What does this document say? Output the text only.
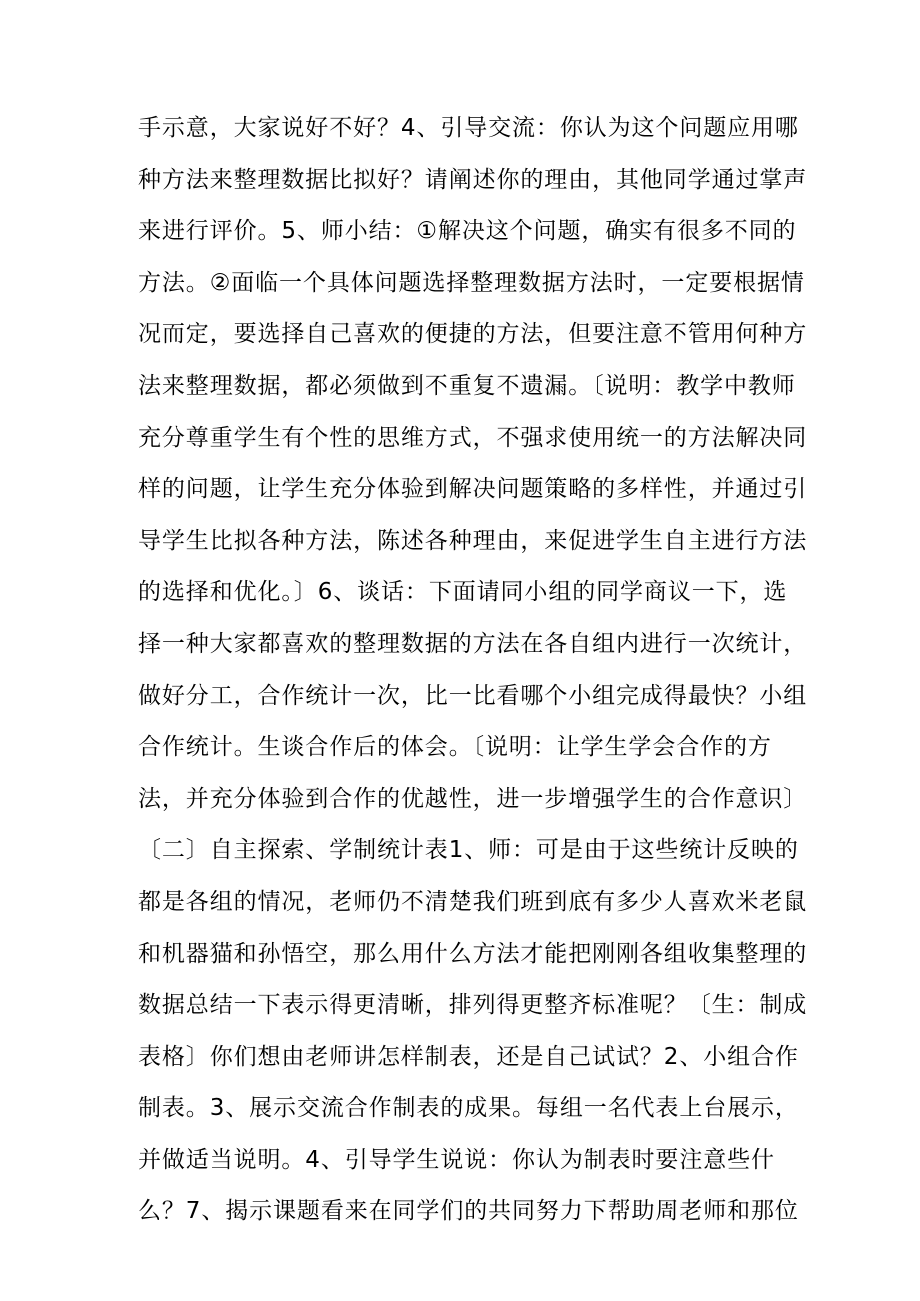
手示意，大家说好不好？4、引导交流：你认为这个问题应用哪
种方法来整理数据比拟好？请阐述你的理由，其他同学通过掌声
来进行评价。5、师小结：①解决这个问题，确实有很多不同的
方法。②面临一个具体问题选择整理数据方法时，一定要根据情
况而定，要选择自己喜欢的便捷的方法，但要注意不管用何种方
法来整理数据，都必须做到不重复不遗漏。〔说明：教学中教师
充分尊重学生有个性的思维方式，不强求使用统一的方法解决同
样的问题，让学生充分体验到解决问题策略的多样性，并通过引
导学生比拟各种方法，陈述各种理由，来促进学生自主进行方法
的选择和优化。〕6、谈话：下面请同小组的同学商议一下，选
择一种大家都喜欢的整理数据的方法在各自组内进行一次统计，
做好分工，合作统计一次，比一比看哪个小组完成得最快？小组
合作统计。生谈合作后的体会。〔说明：让学生学会合作的方
法，并充分体验到合作的优越性，进一步增强学生的合作意识〕
〔二〕自主探索、学制统计表1、师：可是由于这些统计反映的
都是各组的情况，老师仍不清楚我们班到底有多少人喜欢米老鼠
和机器猫和孙悟空，那么用什么方法才能把刚刚各组收集整理的
数据总结一下表示得更清晰，排列得更整齐标准呢？〔生：制成
表格〕你们想由老师讲怎样制表，还是自己试试？2、小组合作
制表。3、展示交流合作制表的成果。每组一名代表上台展示，
并做适当说明。4、引导学生说说：你认为制表时要注意些什
么？7、揭示课题看来在同学们的共同努力下帮助周老师和那位
